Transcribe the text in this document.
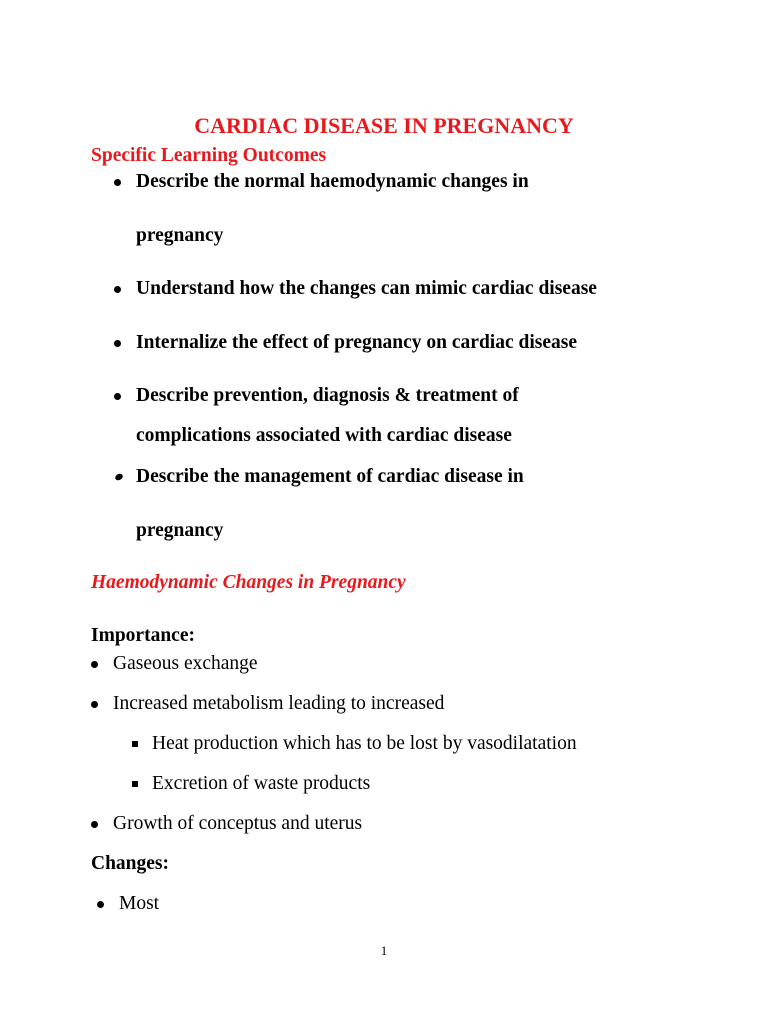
CARDIAC DISEASE IN PREGNANCY
Specific Learning Outcomes
Describe the normal haemodynamic changes in
pregnancy
Understand how the changes can mimic cardiac disease
Internalize the effect of pregnancy on cardiac disease
Describe prevention, diagnosis & treatment of
complications associated with cardiac disease
Describe the management of cardiac disease in
pregnancy
Haemodynamic Changes in Pregnancy
Importance:
Gaseous exchange
Increased metabolism leading to increased
Heat production which has to be lost by vasodilatation
Excretion of waste products
Growth of conceptus and uterus
Changes:
Most
1
